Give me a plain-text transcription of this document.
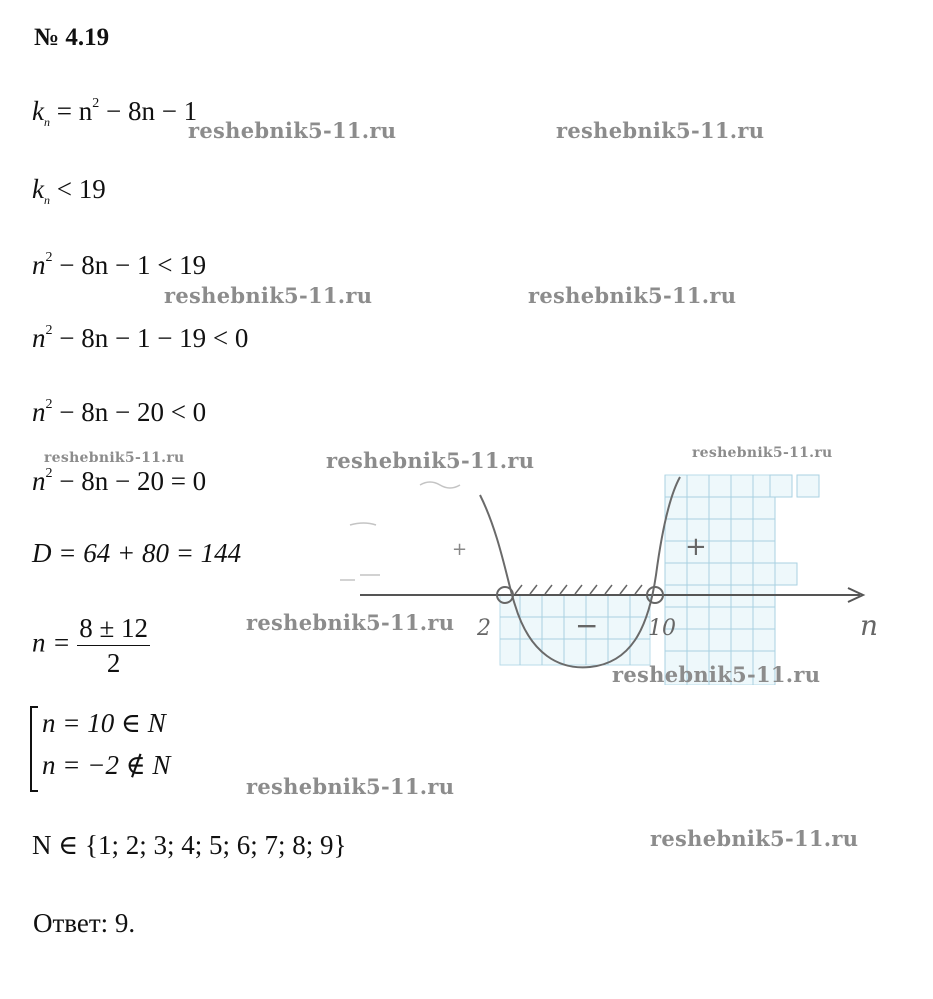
№ 4.19
$k_n = n^2 - 8n - 1$
$k_n < 19$
$n^2 - 8n - 1 < 19$
$n^2 - 8n - 1 - 19 < 0$
$n^2 - 8n - 20 < 0$
$n^2 - 8n - 20 = 0$
D = 64 + 80 = 144
$n = \frac{8 \pm 12}{2}$
n = 10 ∈ N
n = −2 ∉ N
N ∈ {1; 2; 3; 4; 5; 6; 7; 8; 9}
Ответ: 9.
2	10	n
+	+
−
reshebnik5-11.ru	reshebnik5-11.ru
reshebnik5-11.ru	reshebnik5-11.ru
reshebnik5-11.ru	reshebnik5-11.ru	reshebnik5-11.ru
reshebnik5-11.ru
reshebnik5-11.ru
reshebnik5-11.ru
reshebnik5-11.ru
